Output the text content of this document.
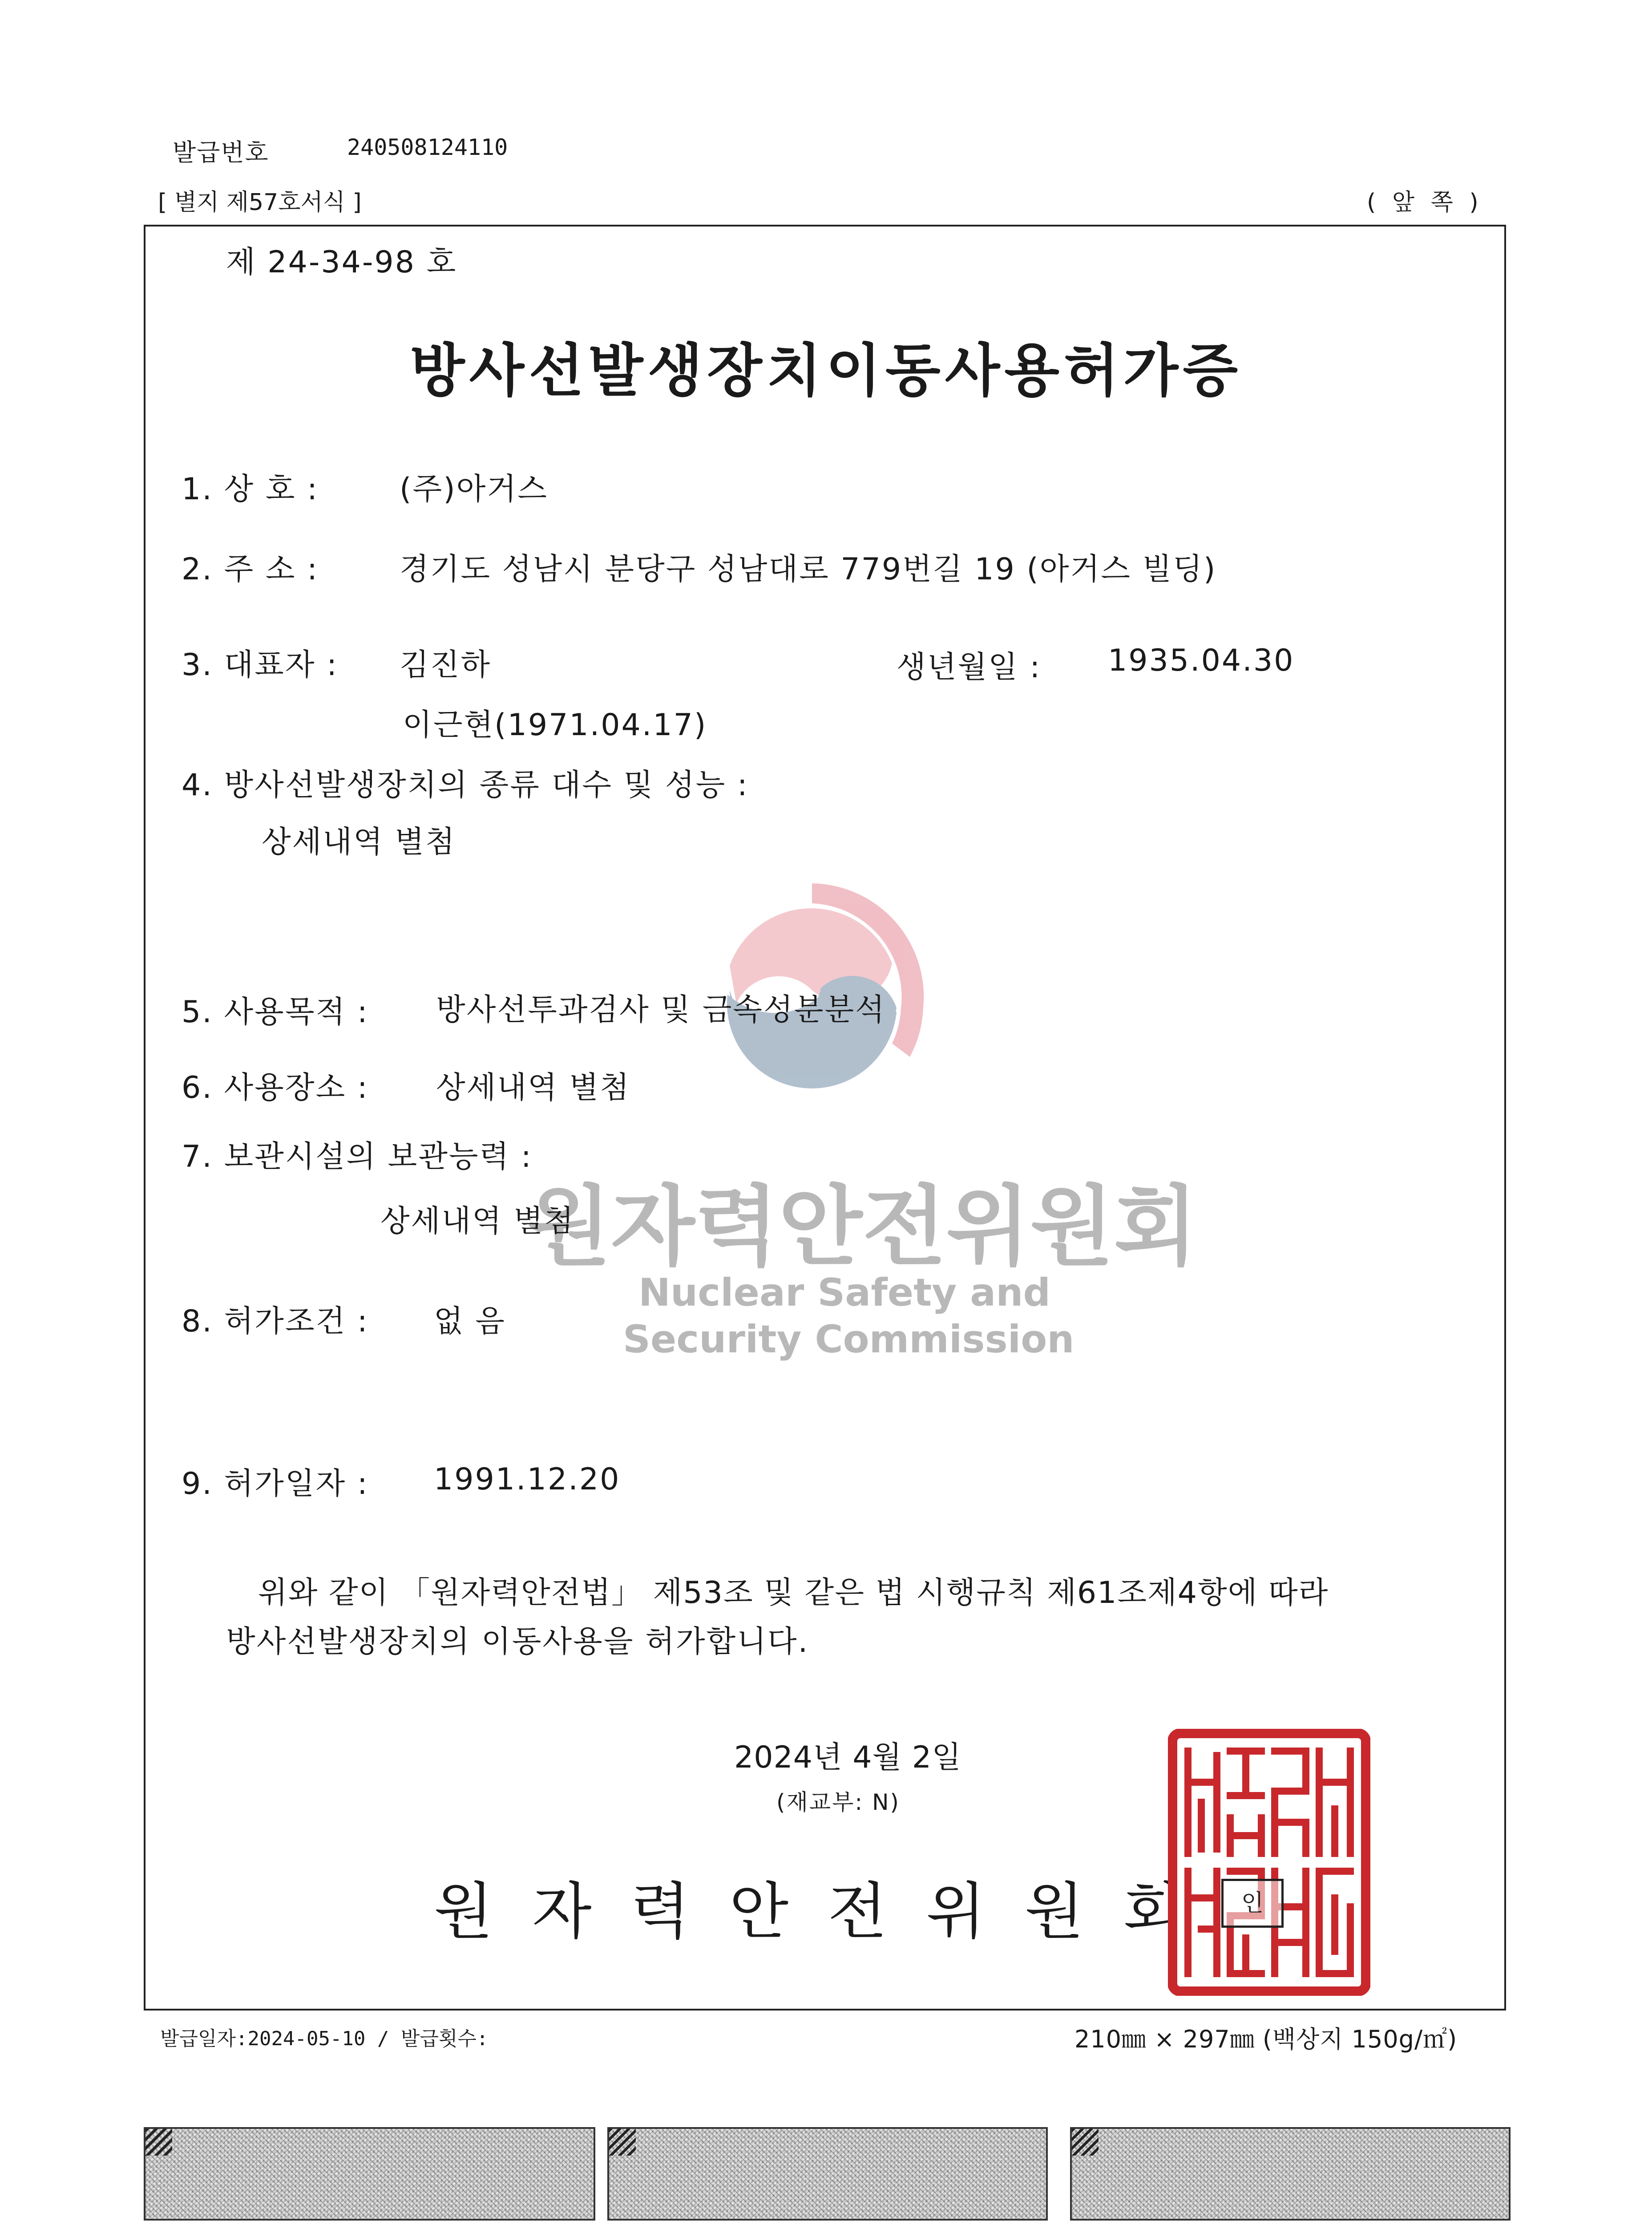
발급번호	240508124110
[ 별지 제57호서식 ]	( 앞 쪽 )
제 24-34-98 호
방사선발생장치이동사용허가증
원자력안전위원회
Nuclear Safety and
Security Commission
1. 상 호 :	(주)아거스
2. 주 소 :	경기도 성남시 분당구 성남대로 779번길 19 (아거스 빌딩)
3. 대표자 : 김진하	생년월일 : 1935.04.30
이근현(1971.04.17)
4. 방사선발생장치의 종류 대수 및 성능 :
상세내역 별첨
5. 사용목적 : 방사선투과검사 및 금속성분분석
6. 사용장소 : 상세내역 별첨
7. 보관시설의 보관능력 :
상세내역 별첨
8. 허가조건 : 없 음
9. 허가일자 : 1991.12.20
위와 같이 「원자력안전법」 제53조 및 같은 법 시행규칙 제61조제4항에 따라
방사선발생장치의 이동사용을 허가합니다.
2024년 4월 2일
(재교부: N)
원자력안전위원회 인
발급일자:2024-05-10 / 발급횟수:	210㎜ × 297㎜ (백상지 150g/㎡)
